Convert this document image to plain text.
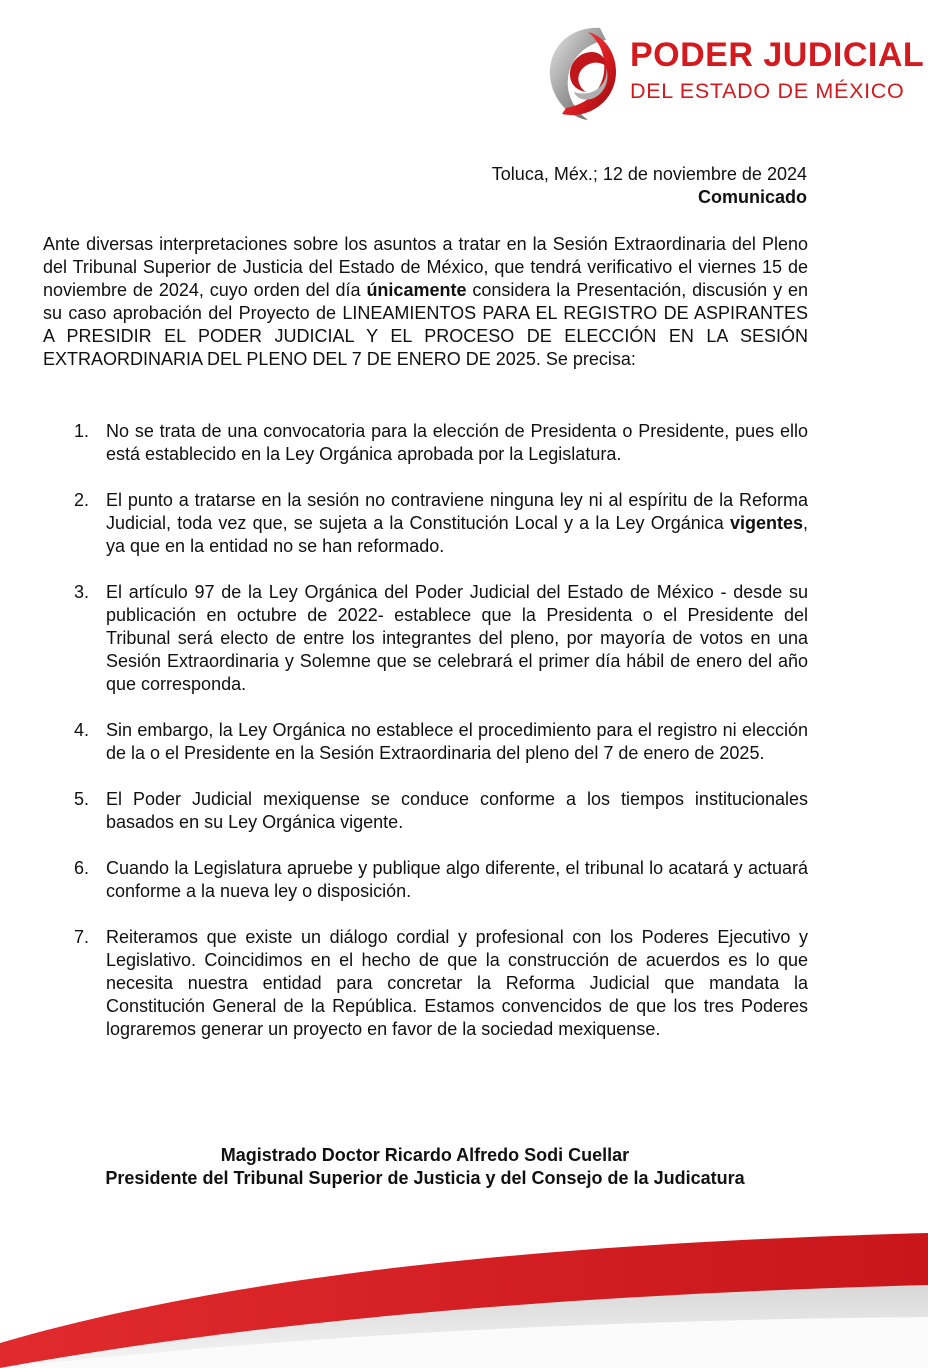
PODER JUDICIAL
DEL ESTADO DE MÉXICO
Toluca, Méx.; 12 de noviembre de 2024
Comunicado
Ante diversas interpretaciones sobre los asuntos a tratar en la Sesión Extraordinaria del Pleno del Tribunal Superior de Justicia del Estado de México, que tendrá verificativo el viernes 15 de noviembre de 2024, cuyo orden del día únicamente considera la Presentación, discusión y en su caso aprobación del Proyecto de LINEAMIENTOS PARA EL REGISTRO DE ASPIRANTES A PRESIDIR EL PODER JUDICIAL Y EL PROCESO DE ELECCIÓN EN LA SESIÓN EXTRAORDINARIA DEL PLENO DEL 7 DE ENERO DE 2025. Se precisa:
1. No se trata de una convocatoria para la elección de Presidenta o Presidente, pues ello está establecido en la Ley Orgánica aprobada por la Legislatura.
2. El punto a tratarse en la sesión no contraviene ninguna ley ni al espíritu de la Reforma Judicial, toda vez que, se sujeta a la Constitución Local y a la Ley Orgánica vigentes, ya que en la entidad no se han reformado.
3. El artículo 97 de la Ley Orgánica del Poder Judicial del Estado de México - desde su publicación en octubre de 2022- establece que la Presidenta o el Presidente del Tribunal será electo de entre los integrantes del pleno, por mayoría de votos en una Sesión Extraordinaria y Solemne que se celebrará el primer día hábil de enero del año que corresponda.
4. Sin embargo, la Ley Orgánica no establece el procedimiento para el registro ni elección de la o el Presidente en la Sesión Extraordinaria del pleno del 7 de enero de 2025.
5. El Poder Judicial mexiquense se conduce conforme a los tiempos institucionales basados en su Ley Orgánica vigente.
6. Cuando la Legislatura apruebe y publique algo diferente, el tribunal lo acatará y actuará conforme a la nueva ley o disposición.
7. Reiteramos que existe un diálogo cordial y profesional con los Poderes Ejecutivo y Legislativo. Coincidimos en el hecho de que la construcción de acuerdos es lo que necesita nuestra entidad para concretar la Reforma Judicial que mandata la Constitución General de la República. Estamos convencidos de que los tres Poderes lograremos generar un proyecto en favor de la sociedad mexiquense.
Magistrado Doctor Ricardo Alfredo Sodi Cuellar
Presidente del Tribunal Superior de Justicia y del Consejo de la Judicatura
